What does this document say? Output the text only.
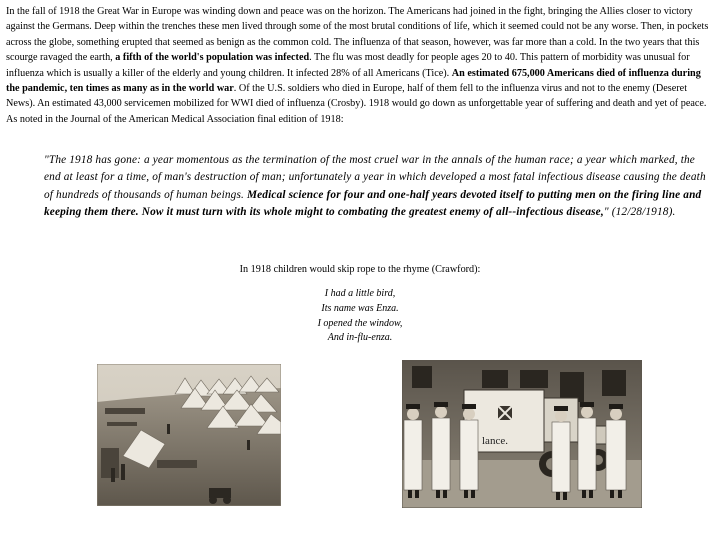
In the fall of 1918 the Great War in Europe was winding down and peace was on the horizon. The Americans had joined in the fight, bringing the Allies closer to victory against the Germans. Deep within the trenches these men lived through some of the most brutal conditions of life, which it seemed could not be any worse. Then, in pockets across the globe, something erupted that seemed as benign as the common cold. The influenza of that season, however, was far more than a cold. In the two years that this scourge ravaged the earth, a fifth of the world's population was infected. The flu was most deadly for people ages 20 to 40. This pattern of morbidity was unusual for influenza which is usually a killer of the elderly and young children. It infected 28% of all Americans (Tice). An estimated 675,000 Americans died of influenza during the pandemic, ten times as many as in the world war. Of the U.S. soldiers who died in Europe, half of them fell to the influenza virus and not to the enemy (Deseret News). An estimated 43,000 servicemen mobilized for WWI died of influenza (Crosby). 1918 would go down as unforgettable year of suffering and death and yet of peace. As noted in the Journal of the American Medical Association final edition of 1918:

"The 1918 has gone: a year momentous as the termination of the most cruel war in the annals of the human race; a year which marked, the end at least for a time, of man's destruction of man; unfortunately a year in which developed a most fatal infectious disease causing the death of hundreds of thousands of human beings. Medical science for four and one-half years devoted itself to putting men on the firing line and keeping them there. Now it must turn with its whole might to combating the greatest enemy of all--infectious disease," (12/28/1918).
In 1918 children would skip rope to the rhyme (Crawford):
I had a little bird,
Its name was Enza.
I opened the window,
And in-flu-enza.
lance.
